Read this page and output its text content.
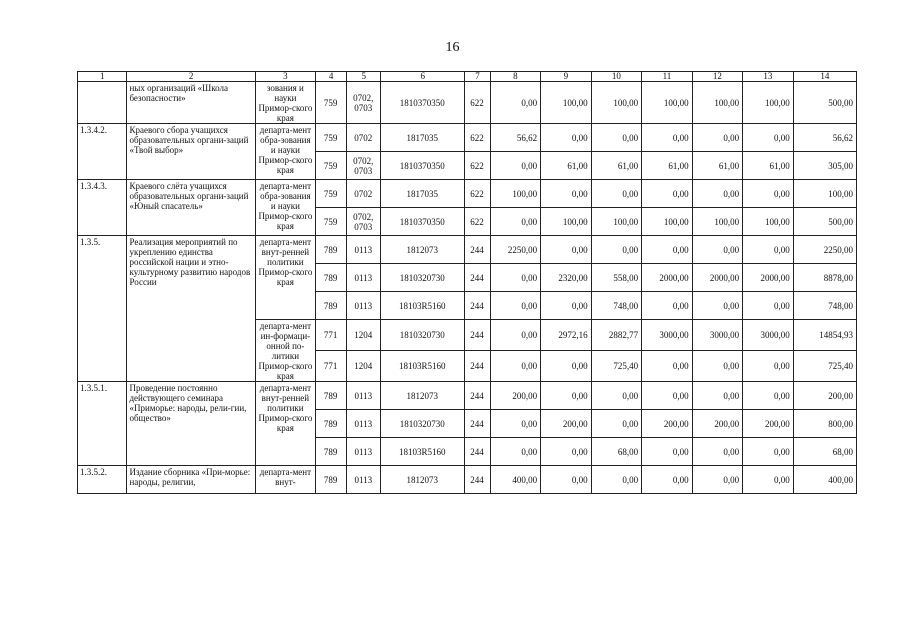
16
1	2	3	4	5	6	7	8	9	10	11	12	13	14
	ных организаций «Школа безопасности»	зования и науки Примор-ского края	759	0702, 0703	1810370350	622	0,00	100,00	100,00	100,00	100,00	100,00	500,00
1.3.4.2.	Краевого сбора учащихся образовательных органи-заций «Твой выбор»	департа-мент обра-зования и науки Примор-ского края	759	0702	1817035	622	56,62	0,00	0,00	0,00	0,00	0,00	56,62
			759	0702, 0703	1810370350	622	0,00	61,00	61,00	61,00	61,00	61,00	305,00
1.3.4.3.	Краевого слёта учащихся образовательных органи-заций «Юный спасатель»	департа-мент обра-зования и науки Примор-ского края	759	0702	1817035	622	100,00	0,00	0,00	0,00	0,00	0,00	100,00
			759	0702, 0703	1810370350	622	0,00	100,00	100,00	100,00	100,00	100,00	500,00
1.3.5.	Реализация мероприятий по укреплению единства российской нации и этно-культурному развитию народов России	департа-мент внут-ренней политики Примор-ского края	789	0113	1812073	244	2250,00	0,00	0,00	0,00	0,00	0,00	2250,00
			789	0113	1810320730	244	0,00	2320,00	558,00	2000,00	2000,00	2000,00	8878,00
			789	0113	18103R5160	244	0,00	0,00	748,00	0,00	0,00	0,00	748,00
		департа-мент ин-формаци-онной по-литики Примор-ского края	771	1204	1810320730	244	0,00	2972,16	2882,77	3000,00	3000,00	3000,00	14854,93
			771	1204	18103R5160	244	0,00	0,00	725,40	0,00	0,00	0,00	725,40
1.3.5.1.	Проведение постоянно действующего семинара «Приморье: народы, рели-гии, общество»	департа-мент внут-ренней политики Примор-ского края	789	0113	1812073	244	200,00	0,00	0,00	0,00	0,00	0,00	200,00
			789	0113	1810320730	244	0,00	200,00	0,00	200,00	200,00	200,00	800,00
			789	0113	18103R5160	244	0,00	0,00	68,00	0,00	0,00	0,00	68,00
1.3.5.2.	Издание сборника «При-морье: народы, религии,	департа-мент внут-	789	0113	1812073	244	400,00	0,00	0,00	0,00	0,00	0,00	400,00
